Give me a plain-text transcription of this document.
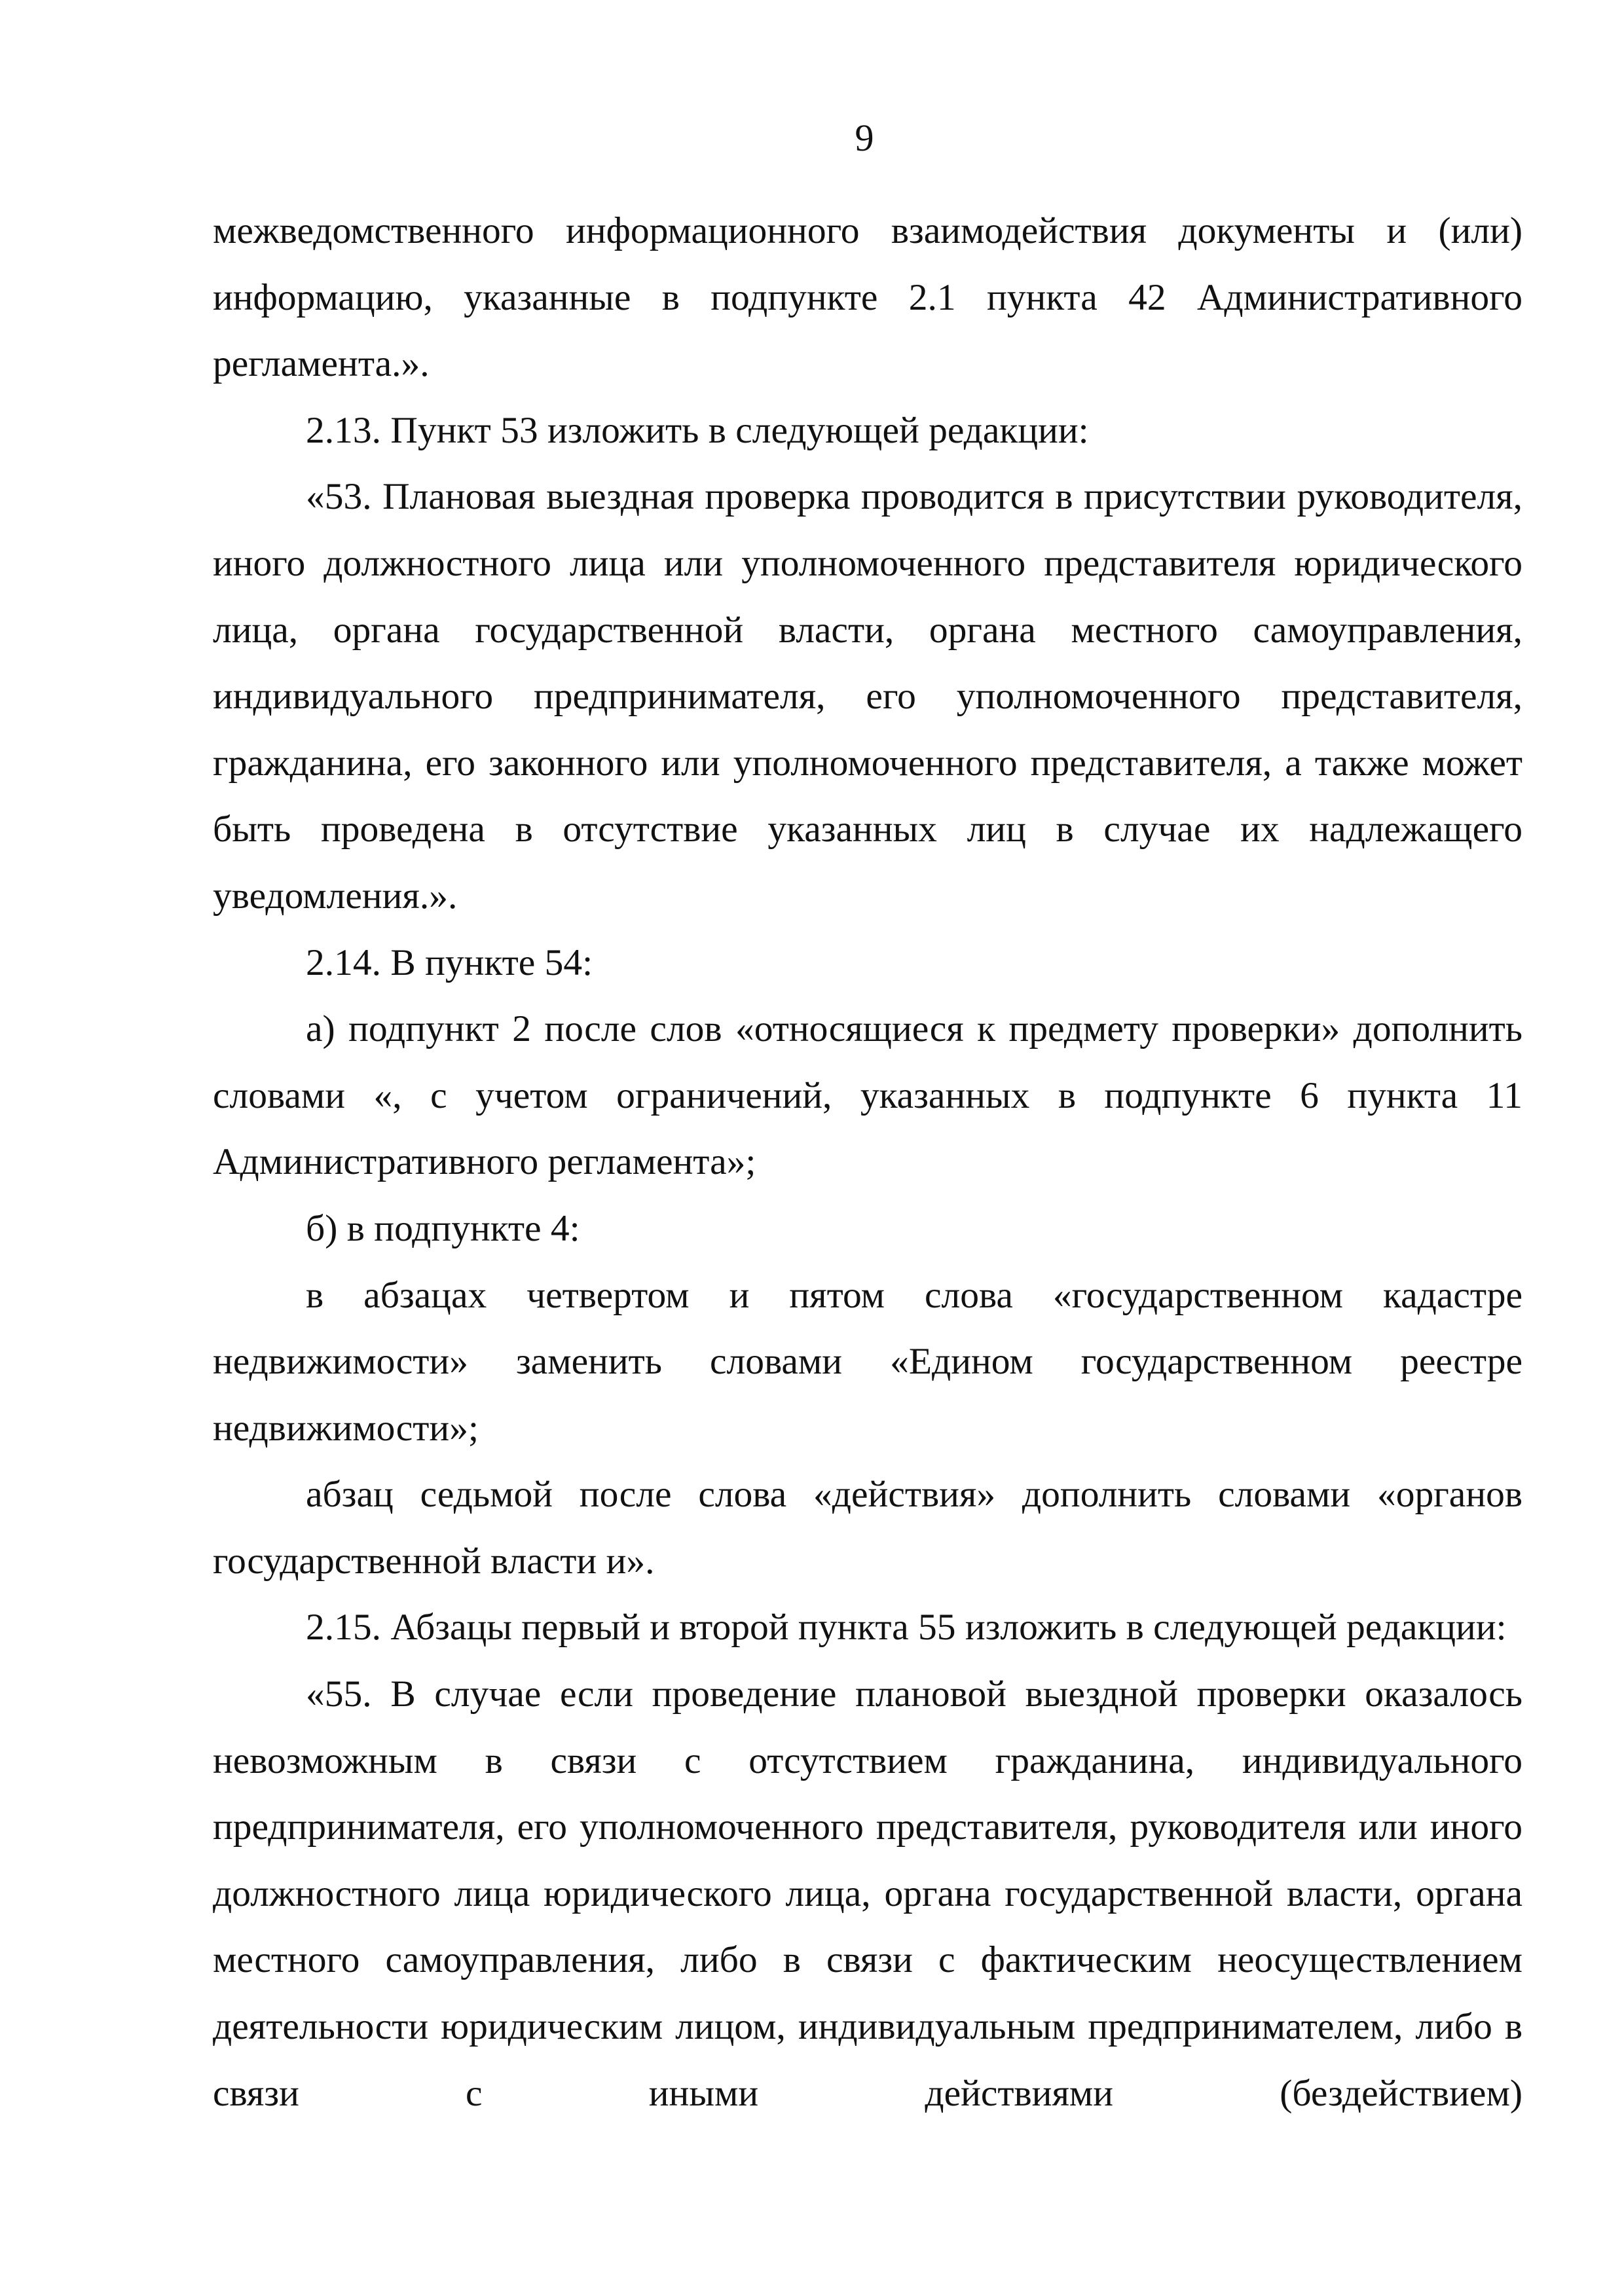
9

межведомственного информационного взаимодействия документы и (или) информацию, указанные в подпункте 2.1 пункта 42 Административного регламента.».

2.13. Пункт 53 изложить в следующей редакции:

«53. Плановая выездная проверка проводится в присутствии руководителя, иного должностного лица или уполномоченного представителя юридического лица, органа государственной власти, органа местного самоуправления, индивидуального предпринимателя, его уполномоченного представителя, гражданина, его законного или уполномоченного представителя, а также может быть проведена в отсутствие указанных лиц в случае их надлежащего уведомления.».

2.14. В пункте 54:

а) подпункт 2 после слов «относящиеся к предмету проверки» дополнить словами «, с учетом ограничений, указанных в подпункте 6 пункта 11 Административного регламента»;

б) в подпункте 4:

в абзацах четвертом и пятом слова «государственном кадастре недвижимости» заменить словами «Едином государственном реестре недвижимости»;

абзац седьмой после слова «действия» дополнить словами «органов государственной власти и».

2.15. Абзацы первый и второй пункта 55 изложить в следующей редакции:

«55. В случае если проведение плановой выездной проверки оказалось невозможным в связи с отсутствием гражданина, индивидуального предпринимателя, его уполномоченного представителя, руководителя или иного должностного лица юридического лица, органа государственной власти, органа местного самоуправления, либо в связи с фактическим неосуществлением деятельности юридическим лицом, индивидуальным предпринимателем, либо в связи с иными действиями (бездействием)
